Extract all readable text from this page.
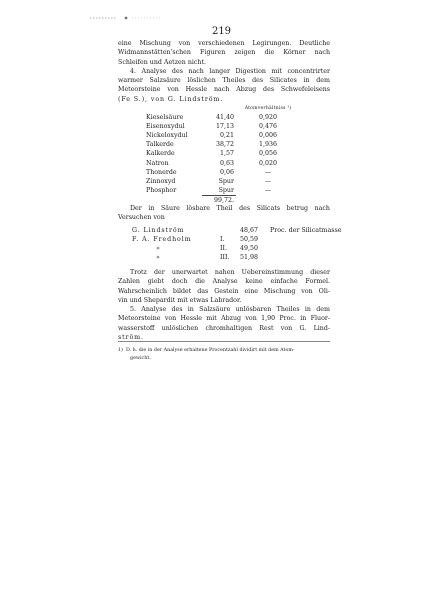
219
eine Mischung von verschiedenen Legirungen. Deutliche
Widmannstätten'schen Figuren zeigen die Körner nach
Schleifen und Aetzen nicht.
4. Analyse des nach langer Digestion mit concentrirter
warmer Salzsäure löslichen Theiles des Silicates in dem
Meteorsteine von Hessle nach Abzug des Schwefeleisens
(Fe S.), von G. Lindström.
		Atomverhältniss ¹)
Kieselsäure	41,40	0,920
Eisenoxydul	17,13	0,476
Nickeloxydul	0,21	0,006
Talkerde	38,72	1,936
Kalkerde	1,57	0,056
Natron	0,63	0,020
Thonerde	0,06	—
Zinnoxyd	Spur	—
Phosphor	Spur	—
	99,72.	
Der in Säure lösbare Theil des Silicats betrug nach
Versuchen von
G. Lindström		48,67	Proc. der Silicatmasse
F. A. Fredholm	I.	50,59	
»	II.	49,50	
»	III.	51,98	
Trotz der unerwartet nahen Uebereinstimmung dieser
Zahlen giebt doch die Analyse keine einfache Formel.
Wahrscheinlich bildet das Gestein eine Mischung von Oli-
vin und Shepardit mit etwas Labrador.
5. Analyse des in Salzsäure unlösbaren Theiles in dem
Meteorsteine von Hessle mit Abzug von 1,90 Proc. in Fluor-
wasserstoff unlöslichen chromhaltigen Rest von G. Lind-
ström.
1) D. h. die in der Analyse erhaltene Procentzahl dividirt mit dem Atom-
gewicht.
